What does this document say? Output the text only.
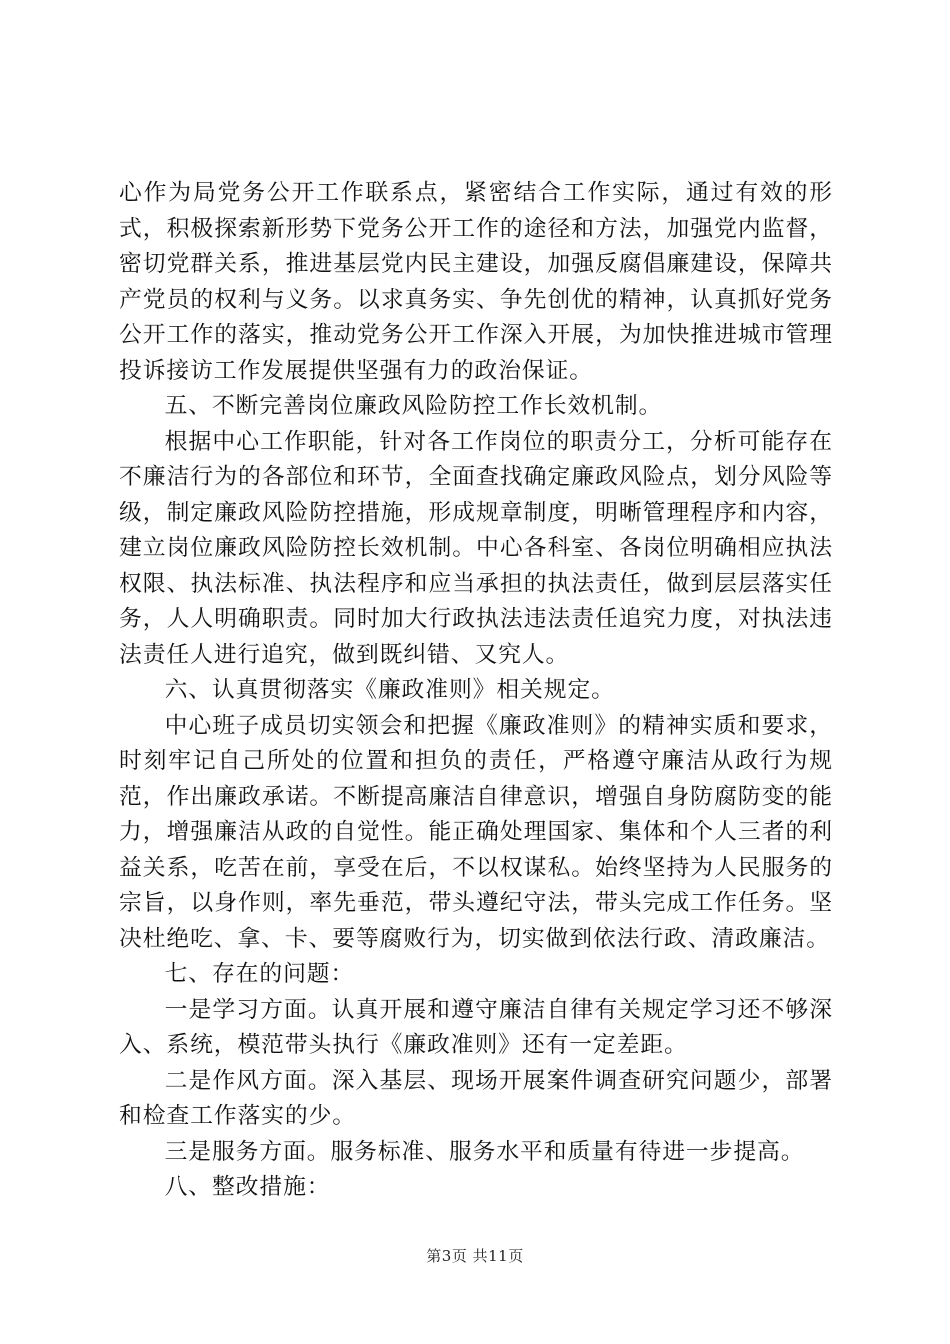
心作为局党务公开工作联系点，紧密结合工作实际，通过有效的形式，积极探索新形势下党务公开工作的途径和方法，加强党内监督，密切党群关系，推进基层党内民主建设，加强反腐倡廉建设，保障共产党员的权利与义务。以求真务实、争先创优的精神，认真抓好党务公开工作的落实，推动党务公开工作深入开展，为加快推进城市管理投诉接访工作发展提供坚强有力的政治保证。

五、不断完善岗位廉政风险防控工作长效机制。

根据中心工作职能，针对各工作岗位的职责分工，分析可能存在不廉洁行为的各部位和环节，全面查找确定廉政风险点，划分风险等级，制定廉政风险防控措施，形成规章制度，明晰管理程序和内容，建立岗位廉政风险防控长效机制。中心各科室、各岗位明确相应执法权限、执法标准、执法程序和应当承担的执法责任，做到层层落实任务，人人明确职责。同时加大行政执法违法责任追究力度，对执法违法责任人进行追究，做到既纠错、又究人。

六、认真贯彻落实《廉政准则》相关规定。

中心班子成员切实领会和把握《廉政准则》的精神实质和要求，时刻牢记自己所处的位置和担负的责任，严格遵守廉洁从政行为规范，作出廉政承诺。不断提高廉洁自律意识，增强自身防腐防变的能力，增强廉洁从政的自觉性。能正确处理国家、集体和个人三者的利益关系，吃苦在前，享受在后，不以权谋私。始终坚持为人民服务的宗旨，以身作则，率先垂范，带头遵纪守法，带头完成工作任务。坚决杜绝吃、拿、卡、要等腐败行为，切实做到依法行政、清政廉洁。

七、存在的问题：

一是学习方面。认真开展和遵守廉洁自律有关规定学习还不够深入、系统，模范带头执行《廉政准则》还有一定差距。

二是作风方面。深入基层、现场开展案件调查研究问题少，部署和检查工作落实的少。

三是服务方面。服务标准、服务水平和质量有待进一步提高。

八、整改措施：

第3页 共11页
